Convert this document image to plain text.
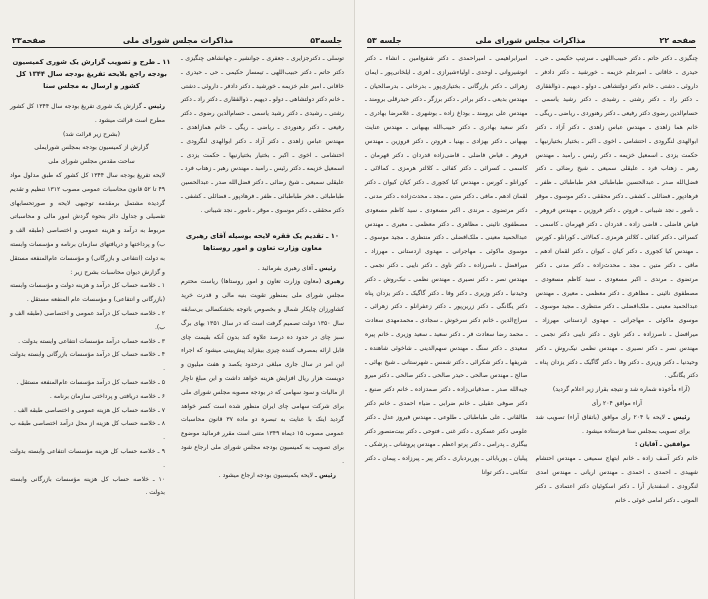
جلسه۵۳
مذاکرات مجلس شورای ملی
صفحه۲۳

توسلی ـ دکترجزایری ـ جعفری ـ جوانشیر ـ جهانشاهی چنگیزی ـ دکتر حاتم ـ دکتر حبیب‌اللهی ـ تیمسار حکیمی ـ حی ـ حیدری ـ خاقانی ـ امیر علم خزیمه ـ خورشید ـ دکتر دادفر ـ داروئی ـ دشتی ـ خانم دکتر دولتشاهی ـ دولو ـ دیهیم ـ ذوالفقاری ـ دکتر راد ـ دکتر رشتی ـ رشیدی ـ دکتر رشید یاسمی ـ حسام‌الدین رضوی ـ دکتر رفیعی ـ دکتر رهنوردی ـ ریاضی ـ ریگی ـ خانم همازاهدی ـ مهندس عباس زاهدی ـ دکتر آزاد ـ دکتر ابوالهدی لنگرودی ـ احتشامی ـ اخوی ـ اکبر ـ بختیار بختیارنیها ـ حکمت یزدی ـ اسمعیل خزیمه ـ دکتر رئیس ـ رامبد ـ مهندس رهبر ـ زهتاب فرد ـ علیقلی سمیعی ـ شیخ رضائی ـ دکتر فضل‌الله صدر ـ عبدالحسین طباطبائی ـ فخر طباطبائی ـ ظفر ـ فرهادپور ـ فضائلی ـ کشفی ـ دکتر محققی ـ دکتر موسوی ـ موقر ـ نامور ـ نجد شیبانی .

۱۰ ـ تقدیم یک فقره لایحه بوسیله آقای رهبری معاون وزارت تعاون و امور روستاها

رئیس ـ آقای رهبری بفرمائید .

رهبری (معاون وزارت تعاون و امور روستاها) ریاست محترم مجلس شورای ملی بمنظور تقویت بنیه مالی و قدرت خرید کشاورزان چایکار شمال و بخصوص باتوجه بخشکسالی بی‌سابقه سال ۱۳۵۰ دولت تصمیم گرفت است که در سال ۱۳۵۱ بهای برگ سبز چای در حدود ده درصد علاوه کند بدون آنکه بقیمت چای قابل ارائه بمصرف کننده چیزی بیفزاید پیش‌بینی میشود که اجراء این امر در سال جاری مبلغی درحدود یکصد و هفت میلیون و دویست هزار ریال افزایش هزینه خواهد داشت و این مبلغ ناچار از مالیات و سود سهامی که در بودجه مصوبه مجلس شورای ملی برای شرکت سهامی چای ایران منظور شده است کسر خواهد گردید اینک با عنایت به تبصره دو ماده ۳۷ قانون محاسبات عمومی مصوب ۱۵ دیماه ۱۳۴۹ متنی است مقرر فرمائید موضوع برای تصویب به کمیسیون بودجه مجلس شورای ملی ارجاع شود .

رئیس ـ لایحه بکمیسیون بودجه ارجاع میشود .

۱۱ ـ طرح و تصویب گزارش یک شوری کمیسیون بودجه راجع بلایحه تفریغ بودجه سال ۱۳۴۴ کل کشور و ارسال به مجلس سنا

رئیس ـ گزارش یک شوری تفریغ بودجه سال ۱۳۴۴ کل کشور مطرح است قرائت میشود .

(بشرح زیر قرائت شد)

گزارش از کمیسیون بودجه بمجلس شورایملی

ساحت مقدس مجلس شورای ملی

لایحه تفریغ بودجه سال ۱۳۴۴ کل کشور که طبق مدلول مواد ۴۹ تا ۵۲ قانون محاسبات عمومی مصوب ۱۳۱۲ تنظیم و تقدیم گردیده مشتمل برمقدمه توجیهی لایحه و صورتحسابهای تفصیلی و جداول دائر بنحوه گردش امور مالی و محاسباتی مربوط به درآمد و هزینه عمومی و اختصاصی (طبقه الف و ب) و پرداختها و دریافتهای سازمان برنامه و مؤسسات وابسته به دولت (انتفاعی و بازرگانی) و مؤسسات عام‌المنفعه مستقل و گزارش دیوان محاسبات بشرح زیر :

۱ ـ خلاصه حساب کل درآمد و هزینه دولت و مؤسسات وابسته (بازرگانی و انتفاعی) و مؤسسات عام المنفعه مستقل .

۲ ـ خلاصه حساب کل درآمد عمومی و اختصاصی (طبقه الف و ب).

۳ ـ خلاصه حساب درآمد مؤسسات انتفاعی وابسته بدولت .

۴ ـ خلاصه حساب کل درآمد مؤسسات بازرگانی وابسته بدولت .

۵ ـ خلاصه حساب کل درآمد مؤسسات عام‌المنفعه مستقل .

۶ ـ خلاصه دریافتی و پرداختی سازمان برنامه .

۷ ـ خلاصه حساب کل هزینه عمومی و اختصاصی طبقه الف .

۸ ـ خلاصه حساب کل هزینه از محل درآمد اختصاصی طبقه ب .

۹ ـ خلاصه حساب کل هزینه مؤسسات انتفاعی وابسته بدولت .

۱۰ ـ خلاصه حساب کل هزینه مؤسسات بازرگانی وابسته بدولت .

صفحه ۲۲
مذاکرات مجلس شورای ملی
جلسه ۵۳

چنگیزی ـ دکتر حاتم ـ دکتر حبیب‌اللهی ـ سرتیپ حکیمی ـ حی ـ حیدری ـ خاقانی ـ امیرعلم خزیمه ـ خورشید ـ دکتر دادفر ـ داروئی ـ دشتی ـ خانم دکتر دولتشاهی ـ دولو ـ دیهیم ـ ذوالفقاری ـ دکتر راد ـ دکتر رشتی ـ رشیدی ـ دکتر رشید یاسمی ـ حسام‌الدین رضوی دکتر رفیعی ـ دکتر رهنوردی ـ ریاضی ـ ریگی ـ خانم هما زاهدی ـ مهندس عباس زاهدی ـ دکتر آزاد ـ دکتر ابوالهدی لنگرودی ـ احتشامی ـ اخوی ـ اکبر ـ بختیار بختیارنیها ـ حکمت یزدی ـ اسمعیل خزیمه ـ دکتر رئیس ـ رامبد ـ مهندس رهبر ـ زهتاب فرد ـ علیقلی سمیعی ـ شیخ رضائی ـ دکتر فضل‌الله صدر ـ عبدالحسین طباطبائی فخر طباطبائی ـ ظفر ـ فرهادپور ـ فضائلی ـ کشفی ـ دکتر محققی ـ دکتر موسوی ـ موقر ـ نامور ـ نجد شیبانی ـ فروتن ـ دکتر فروزین ـ مهندس فروهر ـ فیاض فاضلی ـ قاضی زاده ـ قدردان ـ دکتر قهرمان ـ کاسمی ـ کسرائی ـ دکتر کفائی ـ کلالتر هرمزی ـ کمالائی ـ کورانلو ـ کورس ـ مهندس کیا کجوری ـ دکتر کیان ـ کیوان ـ دکتر لقمان ادهم ـ مافی ـ دکتر متین ـ مجد ـ محدث‌زاده ـ دکتر مدنی ـ دکتر مرتضوی ـ مرندی ـ اکبر مسعودی ـ سید کاظم مسعودی ـ مصطفوی نائینی ـ مظاهری ـ دکتر معظمی ـ معیری ـ مهندس عبدالحمید معینی ـ ملک‌افضلی ـ دکتر منتظری ـ مجید موسوی ـ موسوی ماکوئی ـ مهاجرانی ـ مهدوی اردستانی مهرزاد ـ میرافضل ـ ناصرزاده ـ دکتر ناوی ـ دکتر نایبی دکتر نجمی ـ مهندس نصر ـ دکتر نصیری ـ مهندس نظمی نیک‌روش ـ دکتر وحیدنیا ـ دکتر وزیری ـ دکتر وفا ـ دکتر گاگیک ـ دکتر یزدان پناه ـ دکتر یگانگی .

(آراء مأخوذه شماره شد و نتیجه بقرار زیر اعلام گردید)

آراء موافق ۲۰۴ رأی

رئیس ـ لایحه با ۲۰۴ رأی موافق (باتفاق آراء) تصویب شد برای تصویب بمجلس سنا فرستاده میشود .

موافقین ـ آقایان :

خانم دکتر آصف زاده ـ خانم ابتهاج سمیعی ـ مهندس احتشام شهیدی ـ احمدی ـ احمدی ـ مهندس اریانی ـ مهندس امدی لنگرودی ـ اسفندیار آرا ـ دکتر اسکوئیان دکتر اعتمادی ـ دکتر الموتی ـ دکتر امامی خوئی ـ خانم

امیرابراهیمی ـ امیراحمدی ـ دکتر شفیع‌امین ـ انشاء ـ دکتر انوشیروانی ـ اوحدی ـ اولیاء‌شیرازی ـ اهری ـ ایلخانی‌پور ـ ایمان زهرائی ـ دکتر بازرگانی ـ بختیاری‌پور ـ بدرخانی ـ بدرصالحیان ـ مهندس بدیعی ـ دکتر برادر ـ دکتر برزگر ـ دکتر حیدرقلی برومند ـ مهندس علی برومند ـ بوداغ زاده ـ بوشهری ـ غلامرضا بهادری ـ دکتر سعید بهادری ـ دکتر حبیب‌الله بهبهانی ـ مهندس عنایت بهبهانی ـ دکتر بهزادی ـ بهنیا ـ فروتن ـ دکتر فروزین ـ مهندس فروهر ـ فیاض فاضلی ـ قاضی‌زاده قدردان ـ دکتر قهرمان ـ کاسمی ـ کسرائی ـ دکتر کفائی ـ کلالتر هرمزی ـ کمالائی ـ کورانلو ـ کورس ـ مهندس کیا کجوری ـ دکتر کیان کیوان ـ دکتر لقمان ادهم ـ مافی ـ دکتر متین ـ مجد ـ محدث‌زاده ـ دکتر مدنی ـ دکتر مرتضوی ـ مرندی ـ اکبر مسعودی ـ سید کاظم مسعودی مصطفوی نائینی ـ مظاهری ـ دکتر معظمی ـ معیری ـ مهندس عبدالحمید معینی ـ ملک‌افضلی ـ دکتر منتظری ـ مجید موسوی ـ موسوی ماکوئی ـ مهاجرانی ـ مهدوی اردستانی ـ مهرزاد ـ میرافضل ـ ناصرزاده ـ دکتر ناوی ـ دکتر نایبی ـ دکتر نجمی ـ مهندس نصر ـ دکتر نصیری ـ مهندس نظمی ـ نیک‌روش ـ دکتر وحیدنیا ـ دکتر وزیری ـ دکتر وفا ـ دکتر گاگیک ـ دکتر یزدان پناه دکتر یگانگی ـ دکتر زرین‌پور ـ دکتر زعفرانلو ـ دکتر زهرائی ـ سراج‌الدین ـ خانم دکتر سرخوش ـ سجادی ـ محمدمهدی سعادت ـ محمد رضا سعادت فر ـ دکتر سعید ـ سعید وزیری ـ خانم پیره سعیدی ـ دکتر سنگ ـ مهندس سهم‌الدینی ـ شاخوئی شاهنده ـ شریفها ـ دکتر شکرائی ـ دکتر شمس ـ شهرستانی ـ شیخ بهائی ـ صالح ـ مهندس صالحی ـ حیدر صالحی ـ دکتر صالحی ـ دکتر میرو جیه‌الله صدر ـ صدقیانی‌زاده ـ دکتر صمدزاده ـ خانم دکتر صنیع ـ دکتر صوفی عقیلی ـ خانم ضرابی ـ ضیاء احمدی ـ خانم دکتر طالقانی ـ علی طباطبائی ـ طلوعی ـ مهندس فیروز عدل ـ دکتر علومی دکتر عسکری ـ دکتر غنی ـ فتوحی ـ دکتر بیت‌منصور دکتر بیگلری ـ پدرامی ـ دکتر پرتو اعظم ـ مهندس پروشانی ـ پزشکی ـ پیلیان ـ پوربابائی ـ پوربردباری ـ دکتر پیر ـ پیرزاده ـ پیمان ـ دکتر تنکابنی ـ دکتر توانا
